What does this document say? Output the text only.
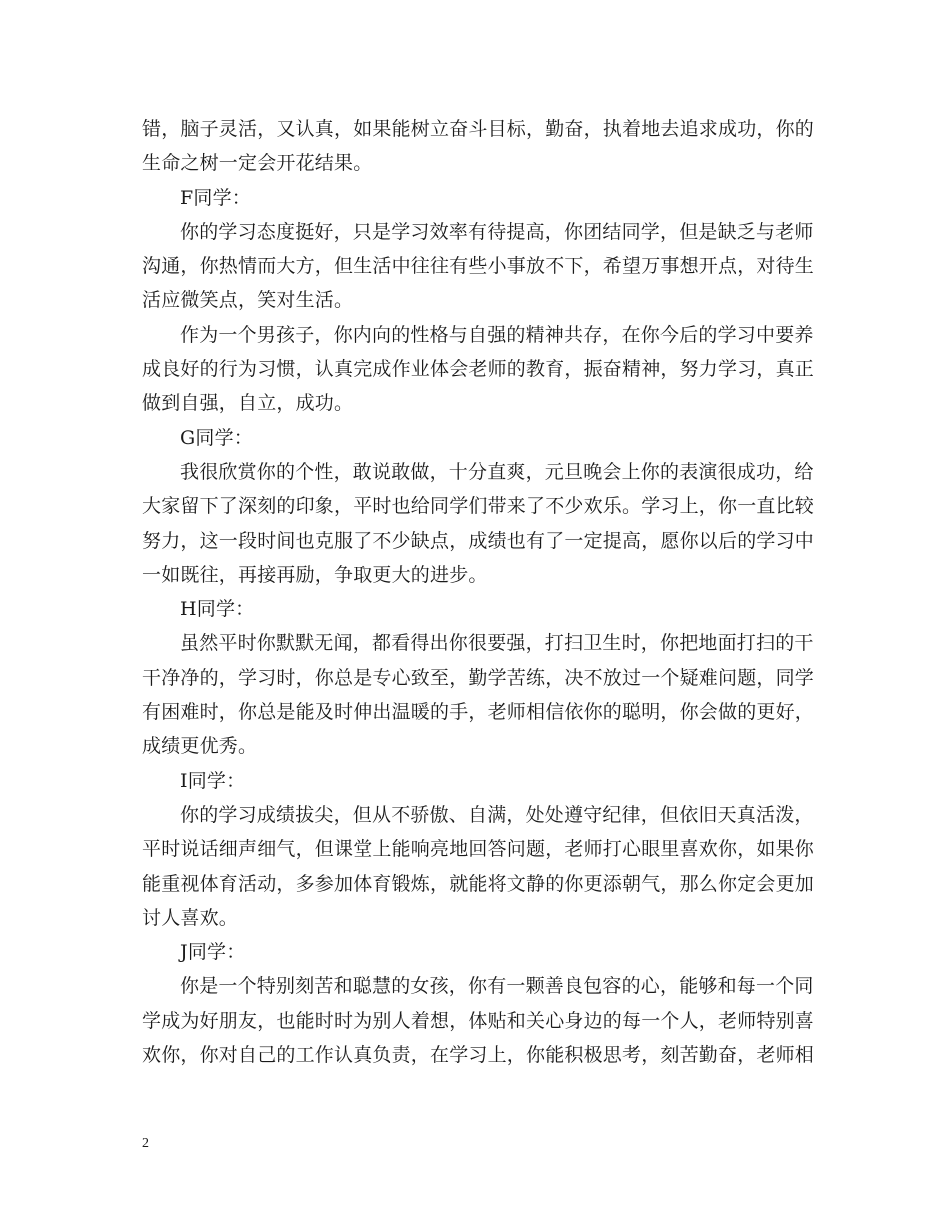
错，脑子灵活，又认真，如果能树立奋斗目标，勤奋，执着地去追求成功，你的
生命之树一定会开花结果。
F同学：
你的学习态度挺好，只是学习效率有待提高，你团结同学，但是缺乏与老师
沟通，你热情而大方，但生活中往往有些小事放不下，希望万事想开点，对待生
活应微笑点，笑对生活。
作为一个男孩子，你内向的性格与自强的精神共存，在你今后的学习中要养
成良好的行为习惯，认真完成作业体会老师的教育，振奋精神，努力学习，真正
做到自强，自立，成功。
G同学：
我很欣赏你的个性，敢说敢做，十分直爽，元旦晚会上你的表演很成功，给
大家留下了深刻的印象，平时也给同学们带来了不少欢乐。学习上，你一直比较
努力，这一段时间也克服了不少缺点，成绩也有了一定提高，愿你以后的学习中
一如既往，再接再励，争取更大的进步。
H同学：
虽然平时你默默无闻，都看得出你很要强，打扫卫生时，你把地面打扫的干
干净净的，学习时，你总是专心致至，勤学苦练，决不放过一个疑难问题，同学
有困难时，你总是能及时伸出温暖的手，老师相信依你的聪明，你会做的更好，
成绩更优秀。
I同学：
你的学习成绩拔尖，但从不骄傲、自满，处处遵守纪律，但依旧天真活泼，
平时说话细声细气，但课堂上能响亮地回答问题，老师打心眼里喜欢你，如果你
能重视体育活动，多参加体育锻炼，就能将文静的你更添朝气，那么你定会更加
讨人喜欢。
J同学：
你是一个特别刻苦和聪慧的女孩，你有一颗善良包容的心，能够和每一个同
学成为好朋友，也能时时为别人着想，体贴和关心身边的每一个人，老师特别喜
欢你，你对自己的工作认真负责，在学习上，你能积极思考，刻苦勤奋，老师相
2
